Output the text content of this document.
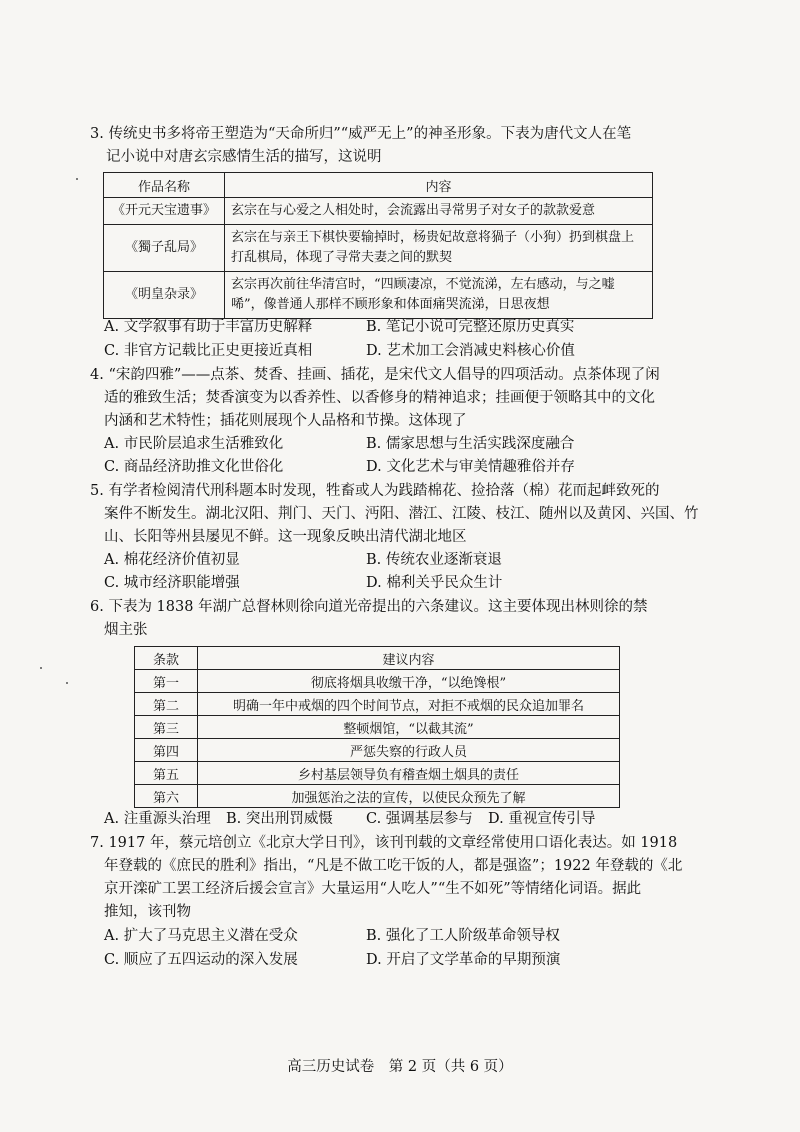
3. 传统史书多将帝王塑造为“天命所归”“威严无上”的神圣形象。下表为唐代文人在笔
记小说中对唐玄宗感情生活的描写，这说明
作品名称	内容
《开元天宝遗事》	玄宗在与心爱之人相处时，会流露出寻常男子对女子的款款爱意
《獨子乱局》	玄宗在与亲王下棋快要输掉时，杨贵妃故意将猧子（小狗）扔到棋盘上打乱棋局，体现了寻常夫妻之间的默契
《明皇杂录》	玄宗再次前往华清宫时，“四顾凄凉，不觉流涕，左右感动，与之嘘唏”，像普通人那样不顾形象和体面痛哭流涕，日思夜想
A. 文学叙事有助于丰富历史解释	B. 笔记小说可完整还原历史真实
C. 非官方记载比正史更接近真相	D. 艺术加工会消减史料核心价值
4. “宋韵四雅”——点茶、焚香、挂画、插花，是宋代文人倡导的四项活动。点茶体现了闲
适的雅致生活；焚香演变为以香养性、以香修身的精神追求；挂画便于领略其中的文化
内涵和艺术特性；插花则展现个人品格和节操。这体现了
A. 市民阶层追求生活雅致化	B. 儒家思想与生活实践深度融合
C. 商品经济助推文化世俗化	D. 文化艺术与审美情趣雅俗并存
5. 有学者检阅清代刑科题本时发现，牲畜或人为践踏棉花、捡拾落（棉）花而起衅致死的
案件不断发生。湖北汉阳、荆门、天门、沔阳、潜江、江陵、枝江、随州以及黄冈、兴国、竹
山、长阳等州县屡见不鲜。这一现象反映出清代湖北地区
A. 棉花经济价值初显	B. 传统农业逐渐衰退
C. 城市经济职能增强	D. 棉利关乎民众生计
6. 下表为 1838 年湖广总督林则徐向道光帝提出的六条建议。这主要体现出林则徐的禁
烟主张
条款	建议内容
第一	彻底将烟具收缴干净，“以绝馋根”
第二	明确一年中戒烟的四个时间节点，对拒不戒烟的民众追加罪名
第三	整顿烟馆，“以截其流”
第四	严惩失察的行政人员
第五	乡村基层领导负有稽查烟土烟具的责任
第六	加强惩治之法的宣传，以使民众预先了解
A. 注重源头治理 B. 突出刑罚威慑 C. 强调基层参与 D. 重视宣传引导
7. 1917 年，蔡元培创立《北京大学日刊》，该刊刊载的文章经常使用口语化表达。如 1918
年登载的《庶民的胜利》指出，“凡是不做工吃干饭的人，都是强盗”；1922 年登载的《北
京开滦矿工罢工经济后援会宣言》大量运用“人吃人”“生不如死”等情绪化词语。据此
推知，该刊物
A. 扩大了马克思主义潜在受众	B. 强化了工人阶级革命领导权
C. 顺应了五四运动的深入发展	D. 开启了文学革命的早期预演
高三历史试卷　第 2 页（共 6 页）
